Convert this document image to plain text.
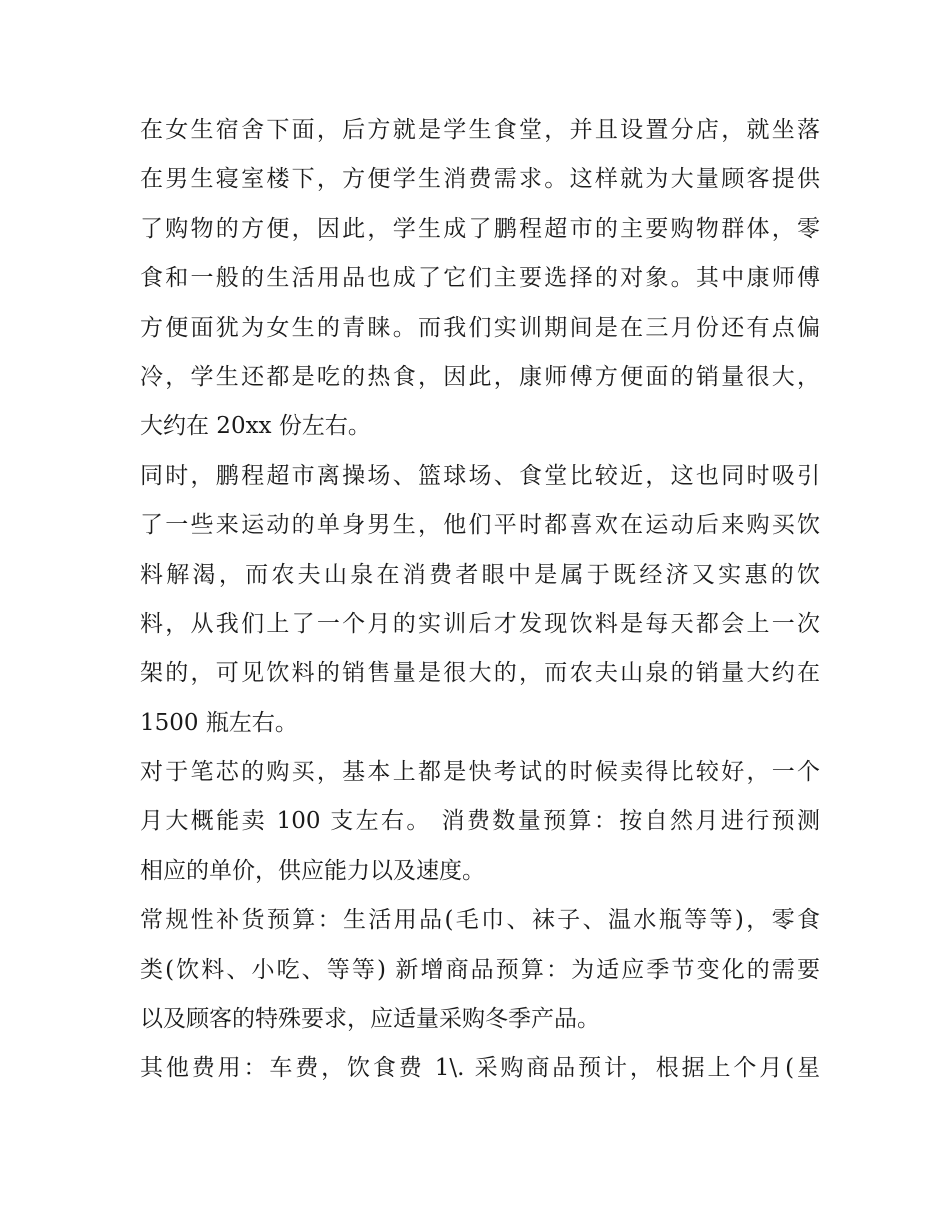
在女生宿舍下面，后方就是学生食堂，并且设置分店，就坐落
在男生寝室楼下，方便学生消费需求。这样就为大量顾客提供
了购物的方便，因此，学生成了鹏程超市的主要购物群体，零
食和一般的生活用品也成了它们主要选择的对象。其中康师傅
方便面犹为女生的青睐。而我们实训期间是在三月份还有点偏
冷，学生还都是吃的热食，因此，康师傅方便面的销量很大，
大约在 20xx 份左右。
同时，鹏程超市离操场、篮球场、食堂比较近，这也同时吸引
了一些来运动的单身男生，他们平时都喜欢在运动后来购买饮
料解渴，而农夫山泉在消费者眼中是属于既经济又实惠的饮
料，从我们上了一个月的实训后才发现饮料是每天都会上一次
架的，可见饮料的销售量是很大的，而农夫山泉的销量大约在
1500 瓶左右。
对于笔芯的购买，基本上都是快考试的时候卖得比较好，一个
月大概能卖 100 支左右。 消费数量预算：按自然月进行预测
相应的单价，供应能力以及速度。
常规性补货预算：生活用品(毛巾、袜子、温水瓶等等)，零食
类(饮料、小吃、等等) 新增商品预算：为适应季节变化的需要
以及顾客的特殊要求，应适量采购冬季产品。
其他费用：车费，饮食费 1\. 采购商品预计，根据上个月(星
